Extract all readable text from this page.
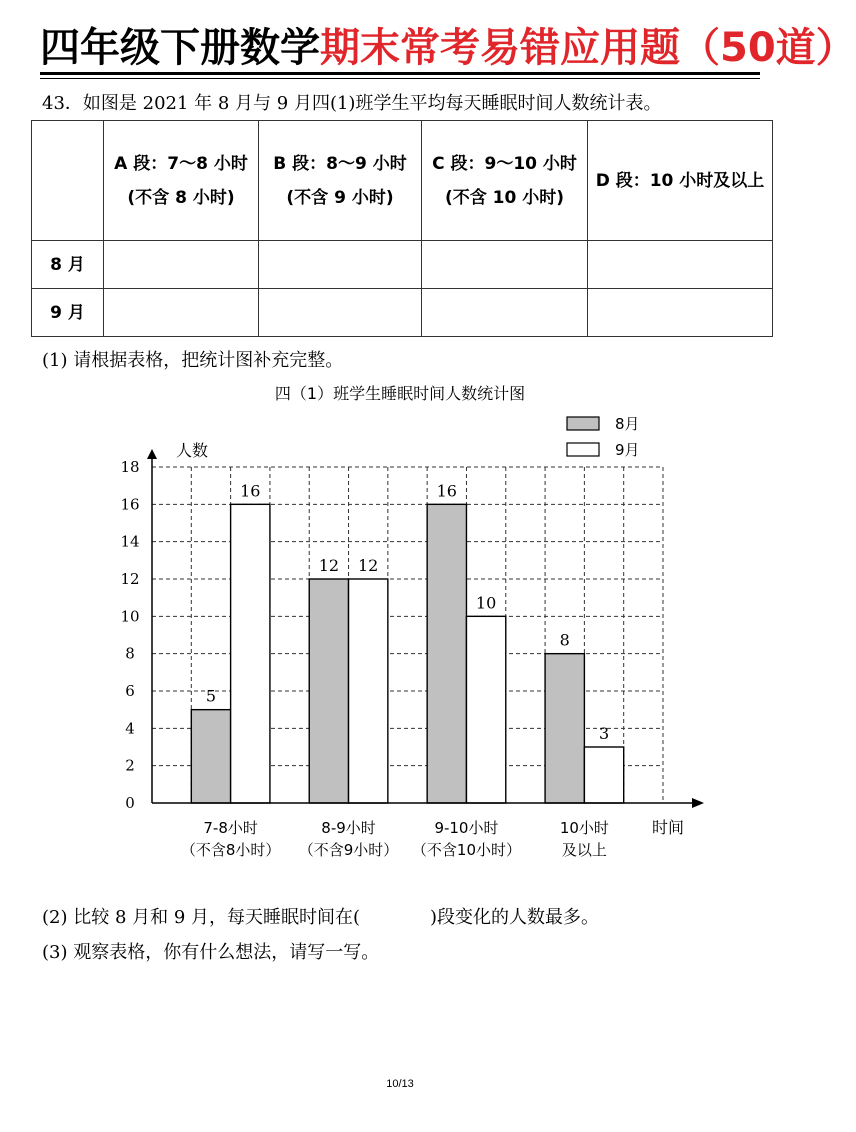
四年级下册数学期末常考易错应用题（50道）
43．如图是 2021 年 8 月与 9 月四(1)班学生平均每天睡眠时间人数统计表。
	A 段：7～8 小时(不含 8 小时)	B 段：8～9 小时(不含 9 小时)	C 段：9～10 小时(不含 10 小时)	D 段：10 小时及以上
8 月				
9 月				
(1) 请根据表格，把统计图补充完整。
四（1）班学生睡眠时间人数统计图
5
12
16
8
16
12
10
3
0
2
4
6
8
10
12
14
16
18
人数
时间
7-8小时
（不含8小时）
8-9小时
（不含9小时）
9-10小时
（不含10小时）
10小时
及以上
8月
9月
(2) 比较 8 月和 9 月，每天睡眠时间在(	)段变化的人数最多。
(3) 观察表格，你有什么想法，请写一写。
10/13
